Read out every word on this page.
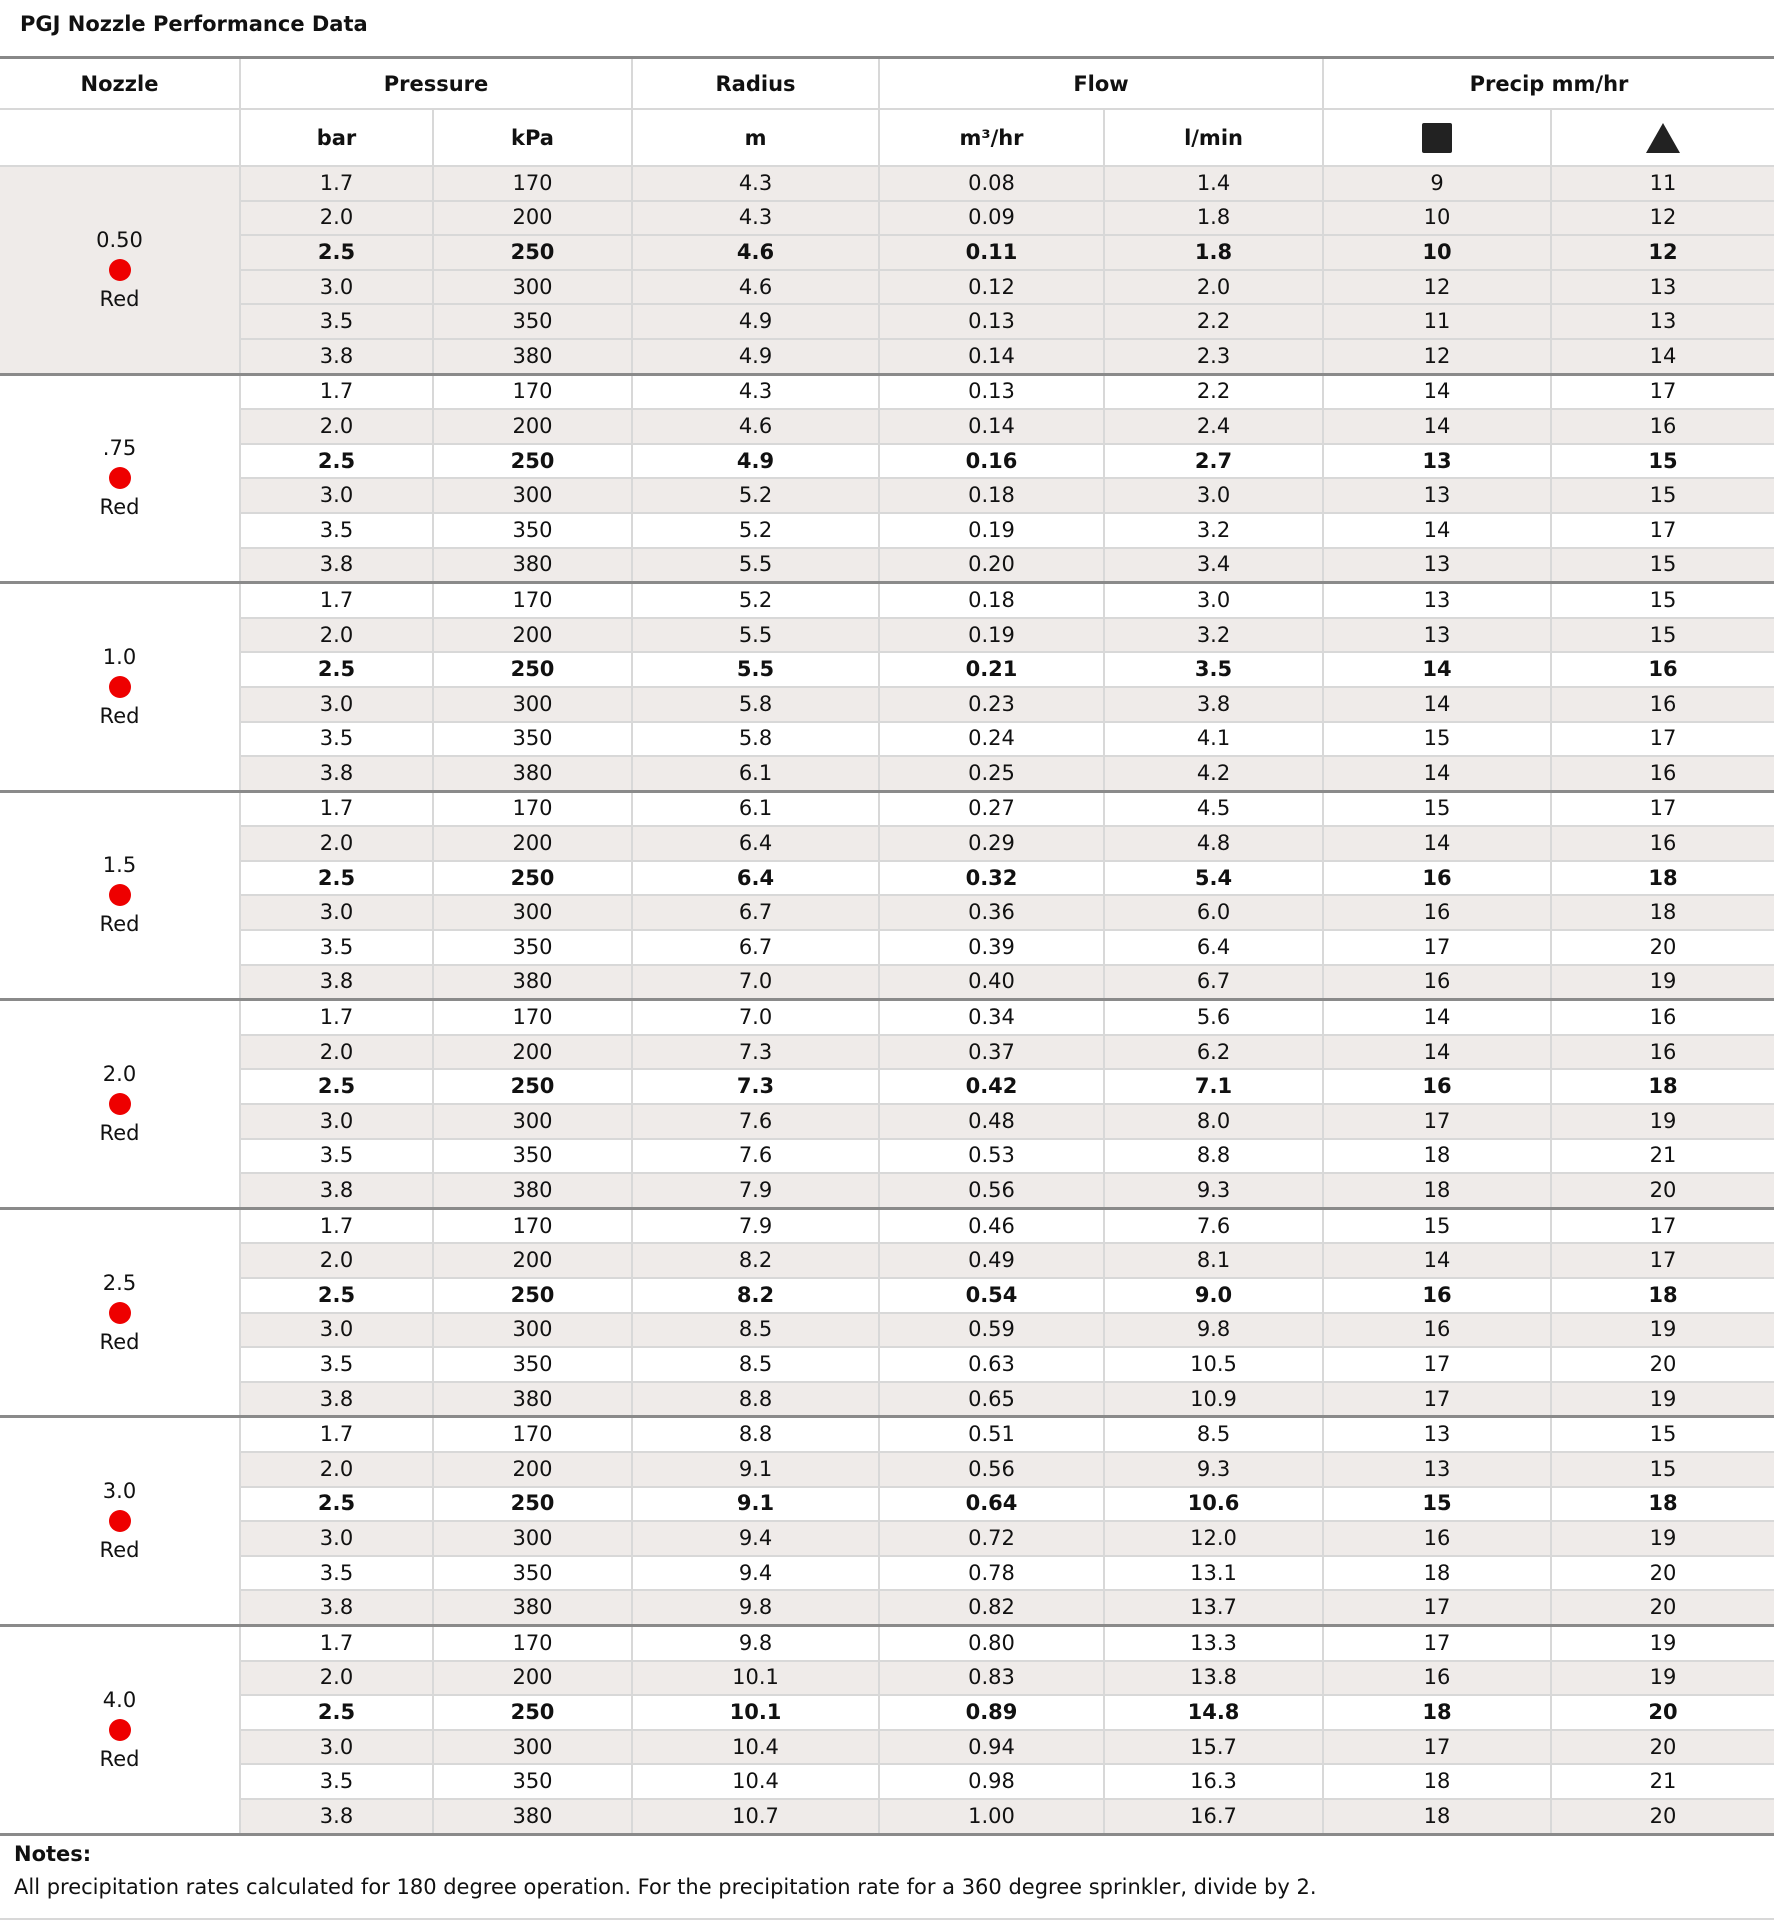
PGJ Nozzle Performance Data
Nozzle	Pressure		Radius	Flow		Precip mm/hr	
	bar	kPa	m	m³/hr	l/min		

0.50
Red	1.7	170	4.3	0.08	1.4	9	11
	2.0	200	4.3	0.09	1.8	10	12
	2.5	250	4.6	0.11	1.8	10	12
	3.0	300	4.6	0.12	2.0	12	13
	3.5	350	4.9	0.13	2.2	11	13
	3.8	380	4.9	0.14	2.3	12	14

.75
Red	1.7	170	4.3	0.13	2.2	14	17
	2.0	200	4.6	0.14	2.4	14	16
	2.5	250	4.9	0.16	2.7	13	15
	3.0	300	5.2	0.18	3.0	13	15
	3.5	350	5.2	0.19	3.2	14	17
	3.8	380	5.5	0.20	3.4	13	15

1.0
Red	1.7	170	5.2	0.18	3.0	13	15
	2.0	200	5.5	0.19	3.2	13	15
	2.5	250	5.5	0.21	3.5	14	16
	3.0	300	5.8	0.23	3.8	14	16
	3.5	350	5.8	0.24	4.1	15	17
	3.8	380	6.1	0.25	4.2	14	16

1.5
Red	1.7	170	6.1	0.27	4.5	15	17
	2.0	200	6.4	0.29	4.8	14	16
	2.5	250	6.4	0.32	5.4	16	18
	3.0	300	6.7	0.36	6.0	16	18
	3.5	350	6.7	0.39	6.4	17	20
	3.8	380	7.0	0.40	6.7	16	19

2.0
Red	1.7	170	7.0	0.34	5.6	14	16
	2.0	200	7.3	0.37	6.2	14	16
	2.5	250	7.3	0.42	7.1	16	18
	3.0	300	7.6	0.48	8.0	17	19
	3.5	350	7.6	0.53	8.8	18	21
	3.8	380	7.9	0.56	9.3	18	20

2.5
Red	1.7	170	7.9	0.46	7.6	15	17
	2.0	200	8.2	0.49	8.1	14	17
	2.5	250	8.2	0.54	9.0	16	18
	3.0	300	8.5	0.59	9.8	16	19
	3.5	350	8.5	0.63	10.5	17	20
	3.8	380	8.8	0.65	10.9	17	19

3.0
Red	1.7	170	8.8	0.51	8.5	13	15
	2.0	200	9.1	0.56	9.3	13	15
	2.5	250	9.1	0.64	10.6	15	18
	3.0	300	9.4	0.72	12.0	16	19
	3.5	350	9.4	0.78	13.1	18	20
	3.8	380	9.8	0.82	13.7	17	20

4.0
Red	1.7	170	9.8	0.80	13.3	17	19
	2.0	200	10.1	0.83	13.8	16	19
	2.5	250	10.1	0.89	14.8	18	20
	3.0	300	10.4	0.94	15.7	17	20
	3.5	350	10.4	0.98	16.3	18	21
	3.8	380	10.7	1.00	16.7	18	20
Notes:
All precipitation rates calculated for 180 degree operation. For the precipitation rate for a 360 degree sprinkler, divide by 2.
